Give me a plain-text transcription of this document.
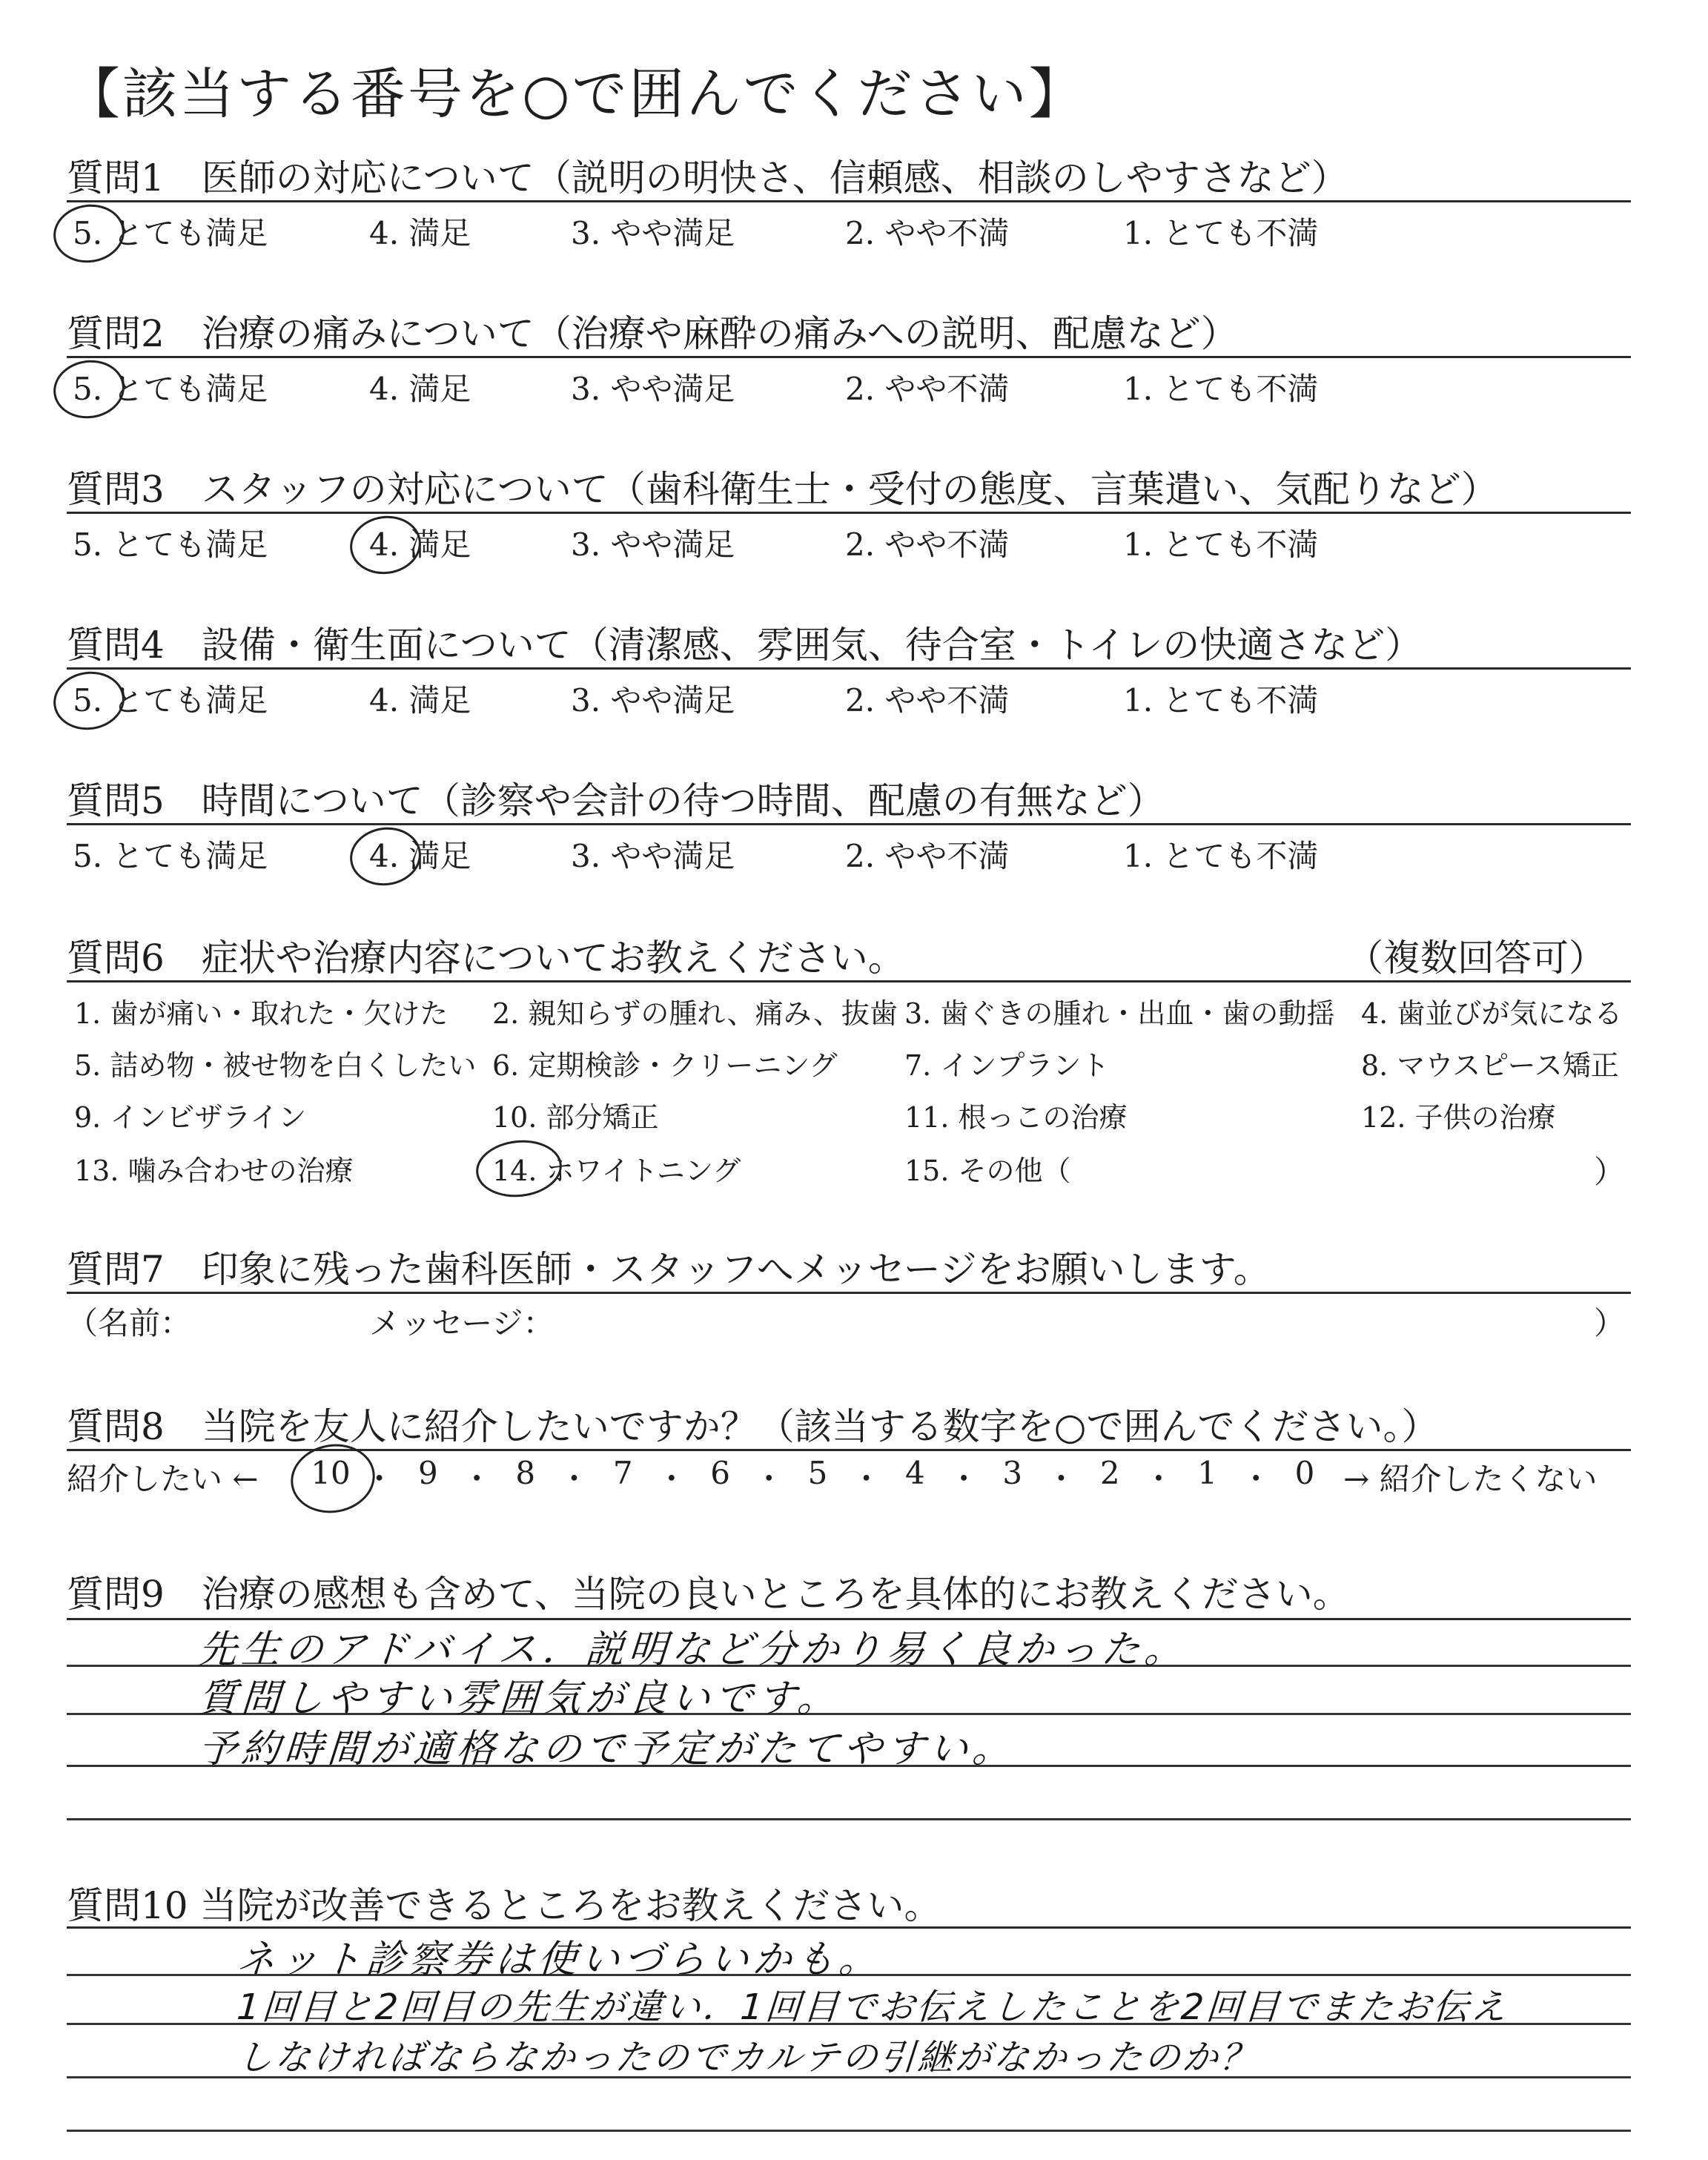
【該当する番号を○で囲んでください】
質問1　医師の対応について（説明の明快さ、信頼感、相談のしやすさなど）
5. とても満足	4. 満足	3. やや満足	2. やや不満	1. とても不満
質問2　治療の痛みについて（治療や麻酔の痛みへの説明、配慮など）
5. とても満足	4. 満足	3. やや満足	2. やや不満	1. とても不満
質問3　スタッフの対応について（歯科衛生士・受付の態度、言葉遣い、気配りなど）
5. とても満足	4. 満足	3. やや満足	2. やや不満	1. とても不満
質問4　設備・衛生面について（清潔感、雰囲気、待合室・トイレの快適さなど）
5. とても満足	4. 満足	3. やや満足	2. やや不満	1. とても不満
質問5　時間について（診察や会計の待つ時間、配慮の有無など）
5. とても満足	4. 満足	3. やや満足	2. やや不満	1. とても不満
質問6　症状や治療内容についてお教えください。	（複数回答可）
1. 歯が痛い・取れた・欠けた 2. 親知らずの腫れ、痛み、抜歯 3. 歯ぐきの腫れ・出血・歯の動揺 4. 歯並びが気になる
5. 詰め物・被せ物を白くしたい 6. 定期検診・クリーニング 7. インプラント	8. マウスピース矯正
9. インビザライン	10. 部分矯正	11. 根っこの治療	12. 子供の治療
13. 噛み合わせの治療	14. ホワイトニング	15. その他（	）
質問7　印象に残った歯科医師・スタッフへメッセージをお願いします。
（名前：	メッセージ：	）
質問8　当院を友人に紹介したいですか？（該当する数字を○で囲んでください。）
紹介したい ← 10 ・ 9 ・ 8 ・ 7 ・ 6 ・ 5 ・ 4 ・ 3 ・ 2 ・ 1 ・ 0 → 紹介したくない
質問9　治療の感想も含めて、当院の良いところを具体的にお教えください。
先生のアドバイス．説明など分かり易く良かった。
質問しやすい雰囲気が良いです。
予約時間が適格なので予定がたてやすい。
質問10 当院が改善できるところをお教えください。
ネット診察券は使いづらいかも。
1回目と2回目の先生が違い．1回目でお伝えしたことを2回目でまたお伝え
しなければならなかったのでカルテの引継がなかったのか？
